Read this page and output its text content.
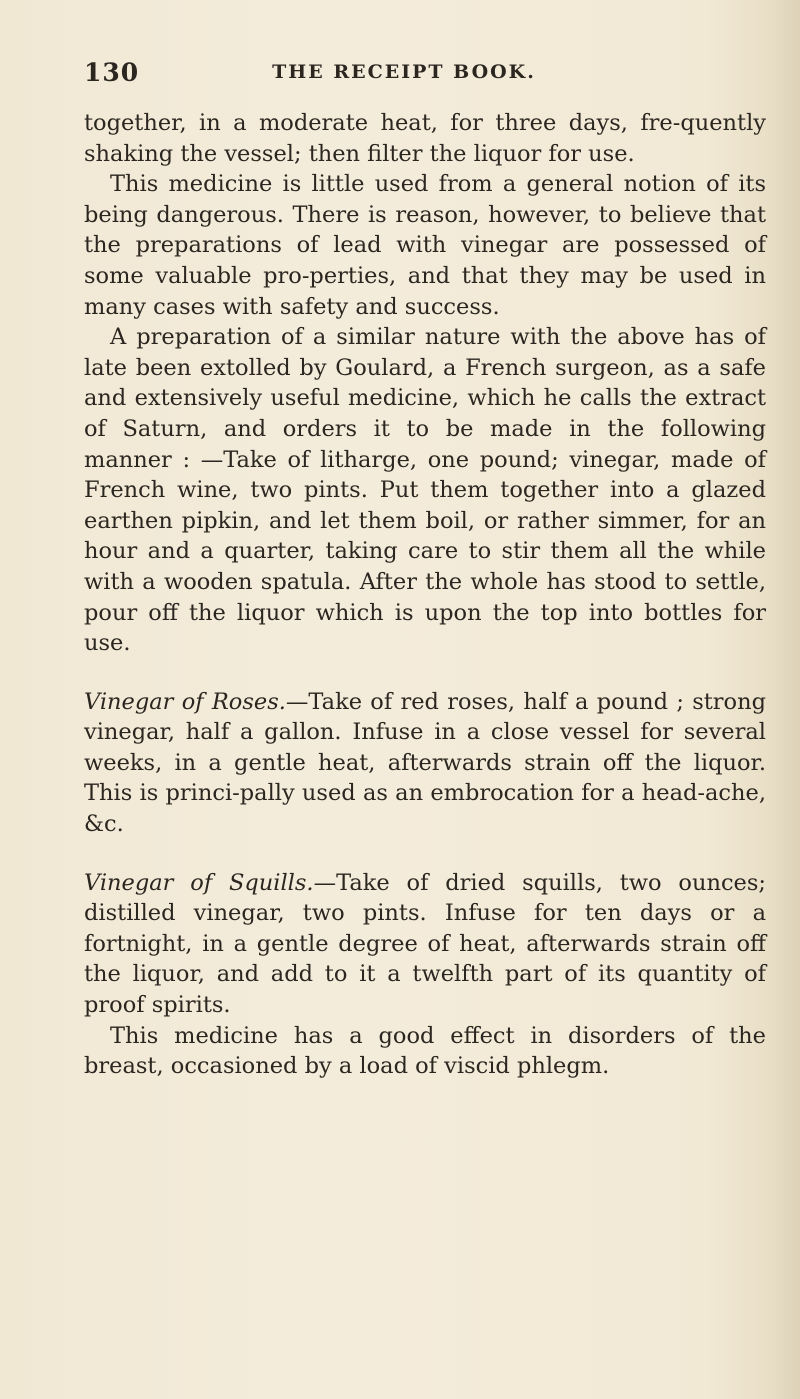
130	THE RECEIPT BOOK.

together, in a moderate heat, for three days, fre-quently shaking the vessel; then filter the liquor for use.

This medicine is little used from a general notion of its being dangerous. There is reason, however, to believe that the preparations of lead with vinegar are possessed of some valuable pro-perties, and that they may be used in many cases with safety and success.

A preparation of a similar nature with the above has of late been extolled by Goulard, a French surgeon, as a safe and extensively useful medicine, which he calls the extract of Saturn, and orders it to be made in the following manner : —Take of litharge, one pound; vinegar, made of French wine, two pints. Put them together into a glazed earthen pipkin, and let them boil, or rather simmer, for an hour and a quarter, taking care to stir them all the while with a wooden spatula. After the whole has stood to settle, pour off the liquor which is upon the top into bottles for use.

Vinegar of Roses.—Take of red roses, half a pound ; strong vinegar, half a gallon. Infuse in a close vessel for several weeks, in a gentle heat, afterwards strain off the liquor. This is princi-pally used as an embrocation for a head-ache, &c.

Vinegar of Squills.—Take of dried squills, two ounces; distilled vinegar, two pints. Infuse for ten days or a fortnight, in a gentle degree of heat, afterwards strain off the liquor, and add to it a twelfth part of its quantity of proof spirits.

This medicine has a good effect in disorders of the breast, occasioned by a load of viscid phlegm.
